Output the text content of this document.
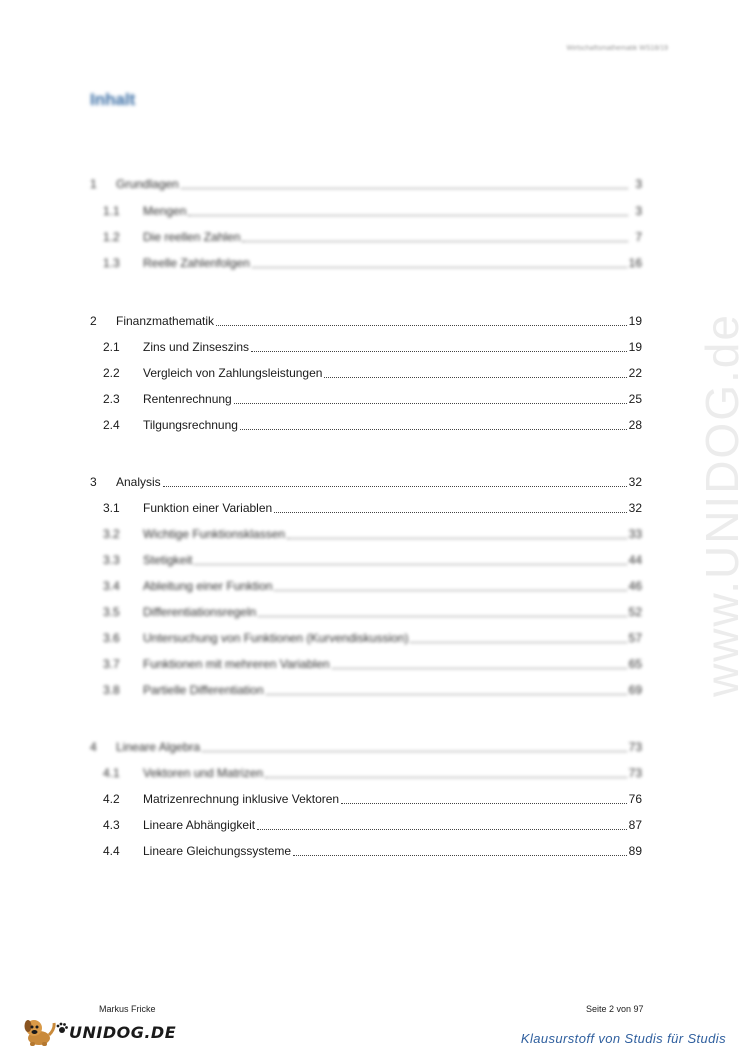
Wirtschaftsmathematik WS18/19
Inhalt
1	Grundlagen	3
1.1	Mengen	3
1.2	Die reellen Zahlen	7
1.3	Reelle Zahlenfolgen	16
2	Finanzmathematik	19
2.1	Zins und Zinseszins	19
2.2	Vergleich von Zahlungsleistungen	22
2.3	Rentenrechnung	25
2.4	Tilgungsrechnung	28
3	Analysis	32
3.1	Funktion einer Variablen	32
3.2	Wichtige Funktionsklassen	33
3.3	Stetigkeit	44
3.4	Ableitung einer Funktion	46
3.5	Differentiationsregeln	52
3.6	Untersuchung von Funktionen (Kurvendiskussion)	57
3.7	Funktionen mit mehreren Variablen	65
3.8	Partielle Differentiation	69
4	Lineare Algebra	73
4.1	Vektoren und Matrizen	73
4.2	Matrizenrechnung inklusive Vektoren	76
4.3	Lineare Abhängigkeit	87
4.4	Lineare Gleichungssysteme	89
www.UNIDOG.de
Markus Fricke	Seite 2 von 97
UNIDOG.DE	Klausurstoff von Studis für Studis
